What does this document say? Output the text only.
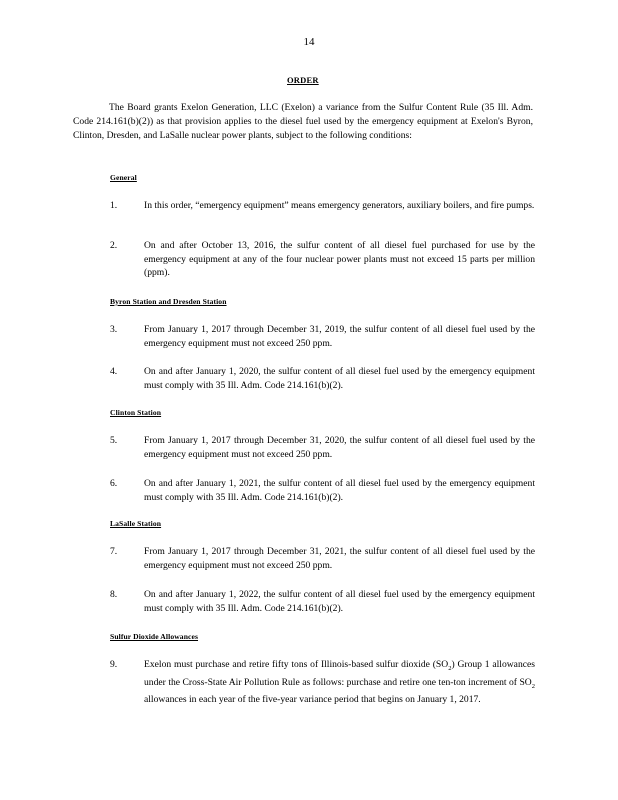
14
ORDER
The Board grants Exelon Generation, LLC (Exelon) a variance from the Sulfur Content Rule (35 Ill. Adm. Code 214.161(b)(2)) as that provision applies to the diesel fuel used by the emergency equipment at Exelon's Byron, Clinton, Dresden, and LaSalle nuclear power plants, subject to the following conditions:
General
1.	In this order, “emergency equipment” means emergency generators, auxiliary boilers, and fire pumps.
2.	On and after October 13, 2016, the sulfur content of all diesel fuel purchased for use by the emergency equipment at any of the four nuclear power plants must not exceed 15 parts per million (ppm).
Byron Station and Dresden Station
3.	From January 1, 2017 through December 31, 2019, the sulfur content of all diesel fuel used by the emergency equipment must not exceed 250 ppm.
4.	On and after January 1, 2020, the sulfur content of all diesel fuel used by the emergency equipment must comply with 35 Ill. Adm. Code 214.161(b)(2).
Clinton Station
5.	From January 1, 2017 through December 31, 2020, the sulfur content of all diesel fuel used by the emergency equipment must not exceed 250 ppm.
6.	On and after January 1, 2021, the sulfur content of all diesel fuel used by the emergency equipment must comply with 35 Ill. Adm. Code 214.161(b)(2).
LaSalle Station
7.	From January 1, 2017 through December 31, 2021, the sulfur content of all diesel fuel used by the emergency equipment must not exceed 250 ppm.
8.	On and after January 1, 2022, the sulfur content of all diesel fuel used by the emergency equipment must comply with 35 Ill. Adm. Code 214.161(b)(2).
Sulfur Dioxide Allowances
9.	Exelon must purchase and retire fifty tons of Illinois-based sulfur dioxide $(SO_2)$ Group 1 allowances under the Cross-State Air Pollution Rule as follows: purchase and retire one ten-ton increment of $SO_2$ allowances in each year of the five-year variance period that begins on January 1, 2017.
